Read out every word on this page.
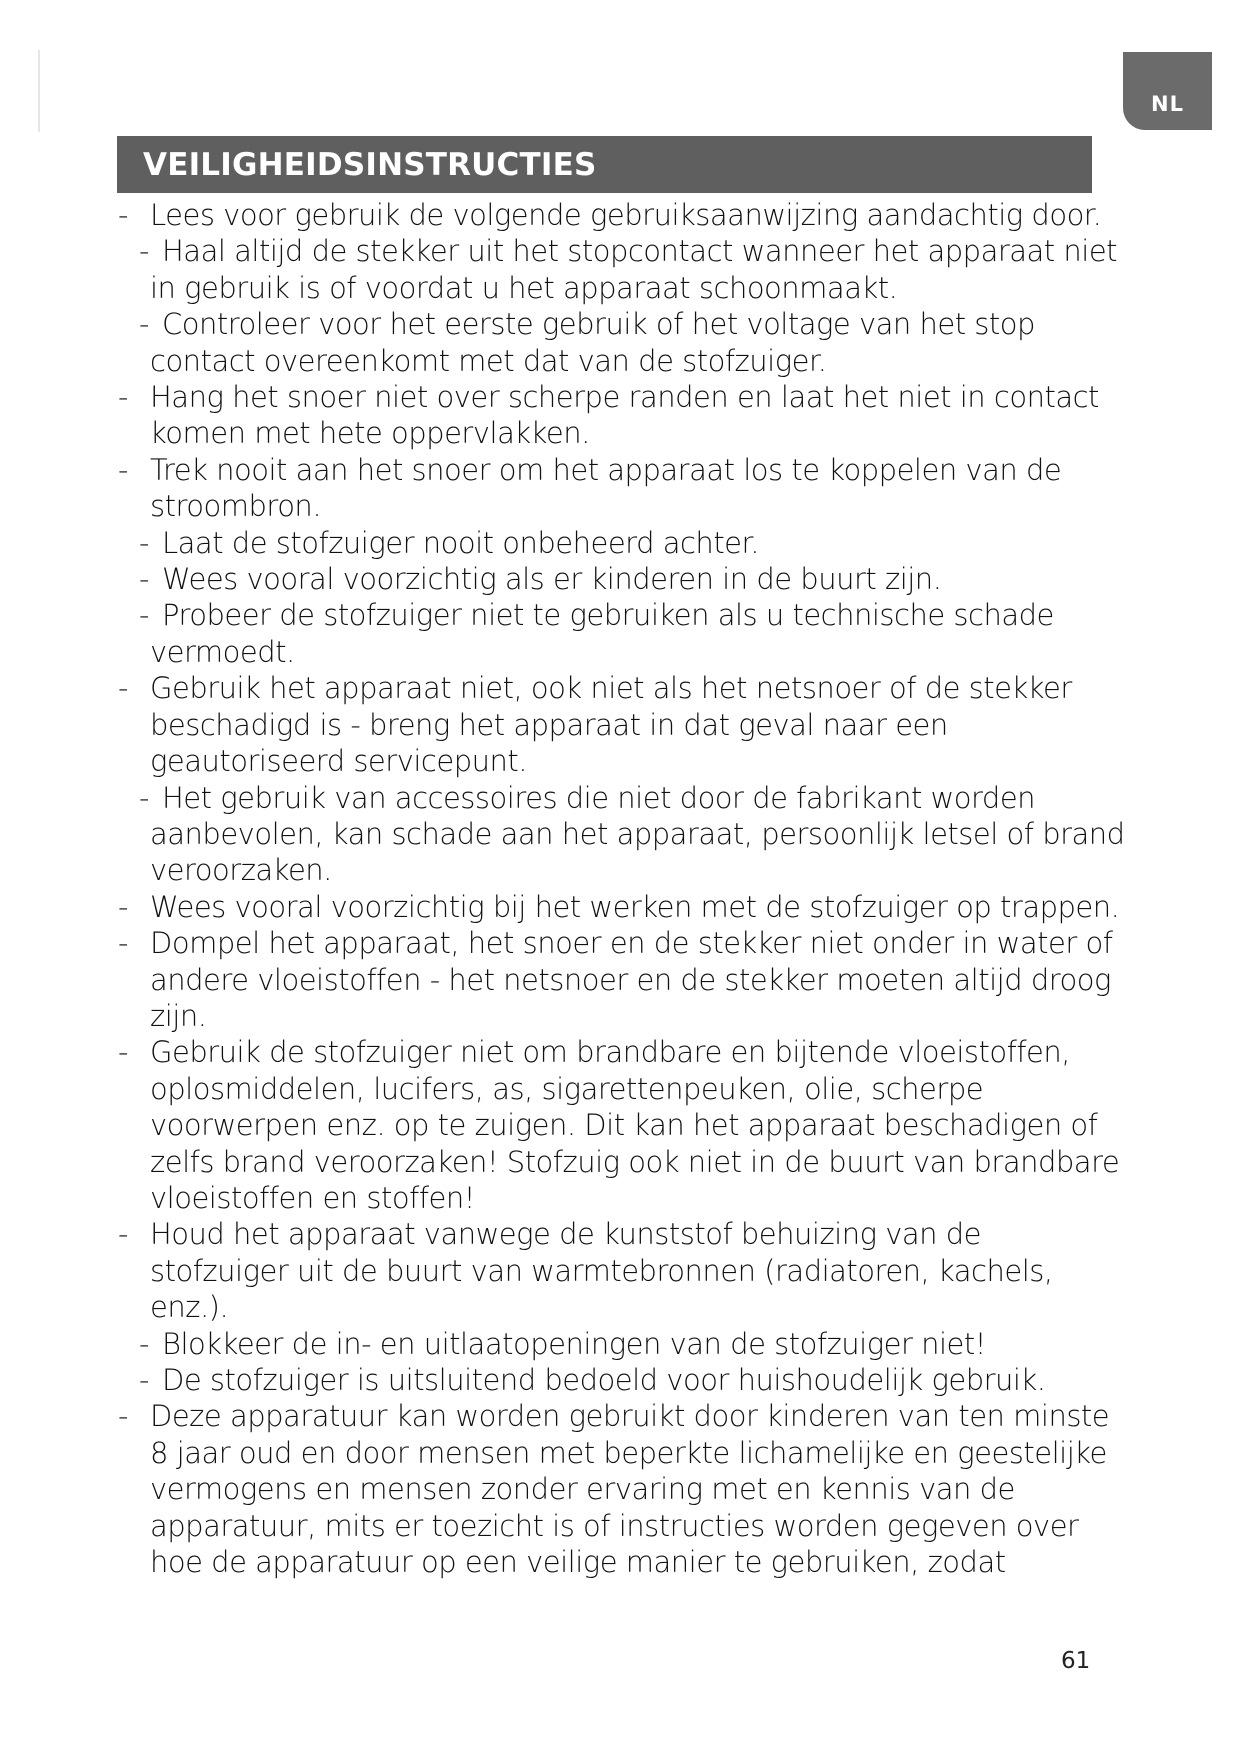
NL
VEILIGHEIDSINSTRUCTIES
- Lees voor gebruik de volgende gebruiksaanwijzing aandachtig door.
- Haal altijd de stekker uit het stopcontact wanneer het apparaat niet in gebruik is of voordat u het apparaat schoonmaakt.
- Controleer voor het eerste gebruik of het voltage van het stop contact overeenkomt met dat van de stofzuiger.
- Hang het snoer niet over scherpe randen en laat het niet in contact komen met hete oppervlakken.
- Trek nooit aan het snoer om het apparaat los te koppelen van de stroombron.
- Laat de stofzuiger nooit onbeheerd achter.
- Wees vooral voorzichtig als er kinderen in de buurt zijn.
- Probeer de stofzuiger niet te gebruiken als u technische schade vermoedt.
- Gebruik het apparaat niet, ook niet als het netsnoer of de stekker beschadigd is - breng het apparaat in dat geval naar een geautoriseerd servicepunt.
- Het gebruik van accessoires die niet door de fabrikant worden aanbevolen, kan schade aan het apparaat, persoonlijk letsel of brand veroorzaken.
- Wees vooral voorzichtig bij het werken met de stofzuiger op trappen.
- Dompel het apparaat, het snoer en de stekker niet onder in water of andere vloeistoffen - het netsnoer en de stekker moeten altijd droog zijn.
- Gebruik de stofzuiger niet om brandbare en bijtende vloeistoffen, oplosmiddelen, lucifers, as, sigarettenpeuken, olie, scherpe voorwerpen enz. op te zuigen. Dit kan het apparaat beschadigen of zelfs brand veroorzaken! Stofzuig ook niet in de buurt van brandbare vloeistoffen en stoffen!
- Houd het apparaat vanwege de kunststof behuizing van de stofzuiger uit de buurt van warmtebronnen (radiatoren, kachels, enz.).
- Blokkeer de in- en uitlaatopeningen van de stofzuiger niet!
- De stofzuiger is uitsluitend bedoeld voor huishoudelijk gebruik.
- Deze apparatuur kan worden gebruikt door kinderen van ten minste 8 jaar oud en door mensen met beperkte lichamelijke en geestelijke vermogens en mensen zonder ervaring met en kennis van de apparatuur, mits er toezicht is of instructies worden gegeven over hoe de apparatuur op een veilige manier te gebruiken, zodat
61
